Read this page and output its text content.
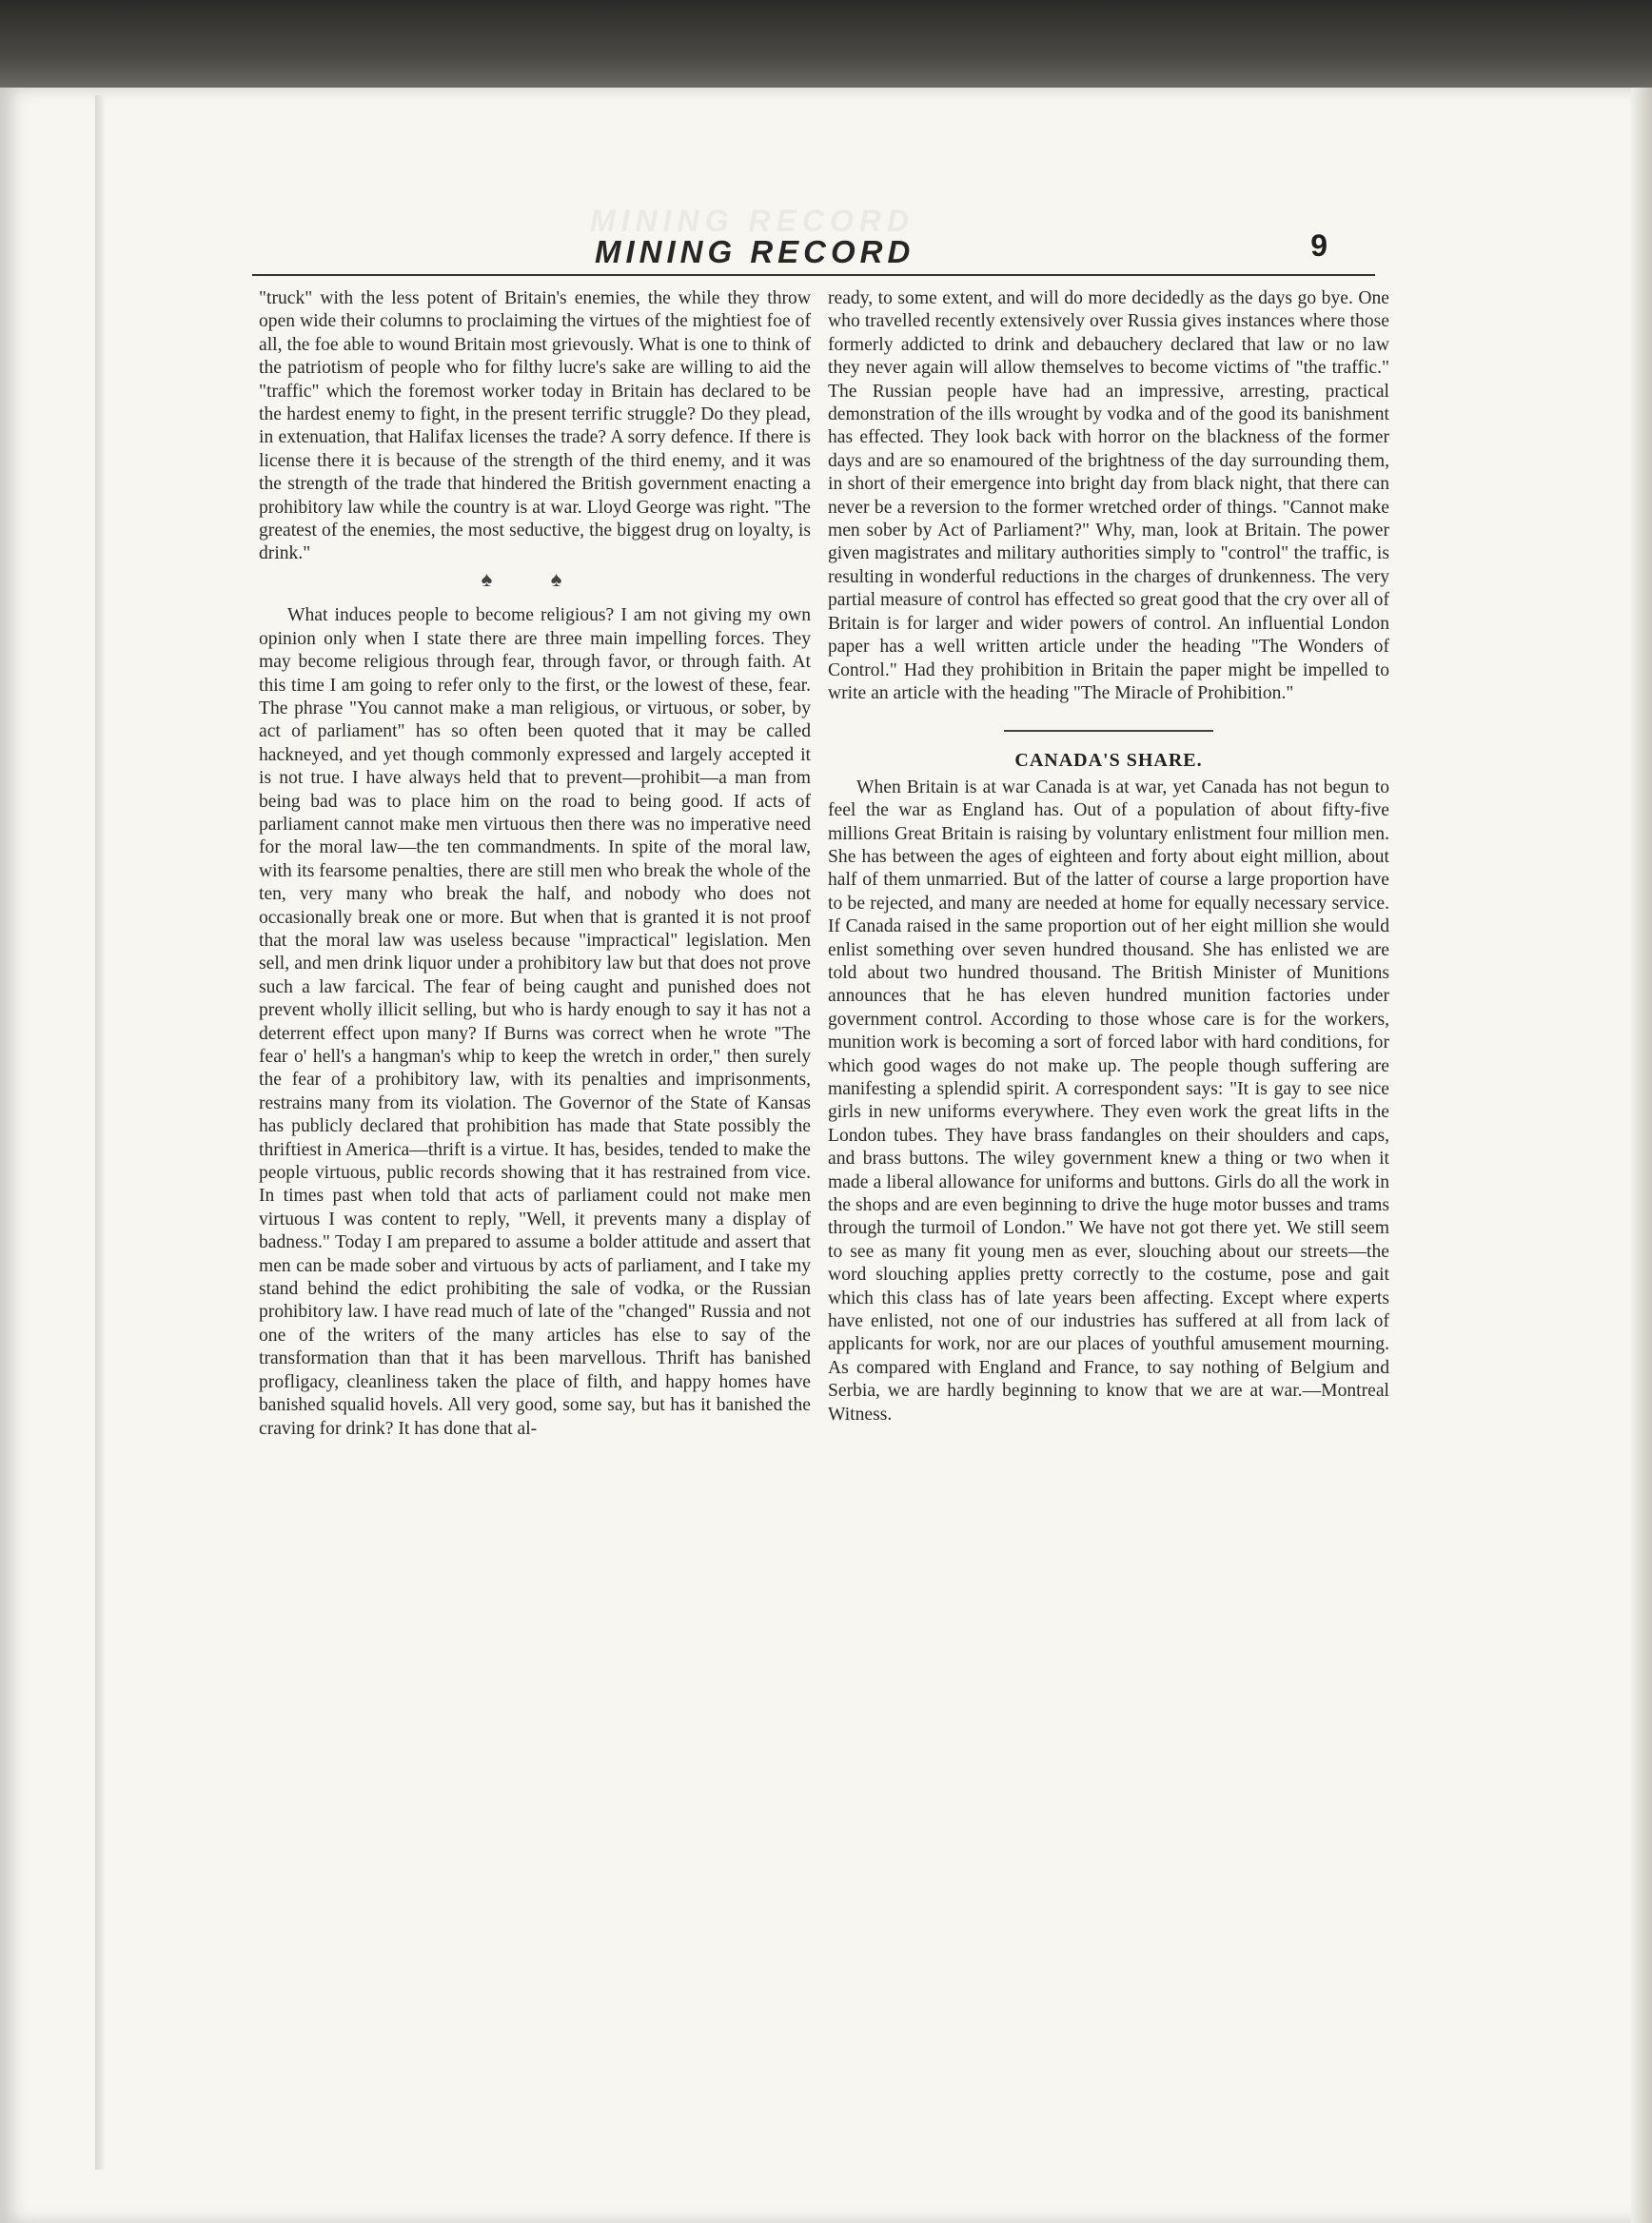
MINING RECORD
MINING RECORD	9

"truck" with the less potent of Britain's enemies, the while they throw open wide their columns to proclaiming the virtues of the mightiest foe of all, the foe able to wound Britain most grievously. What is one to think of the patriotism of people who for filthy lucre's sake are willing to aid the "traffic" which the foremost worker today in Britain has declared to be the hardest enemy to fight, in the present terrific struggle? Do they plead, in extenuation, that Halifax licenses the trade? A sorry defence. If there is license there it is because of the strength of the third enemy, and it was the strength of the trade that hindered the British government enacting a prohibitory law while the country is at war. Lloyd George was right. "The greatest of the enemies, the most seductive, the biggest drug on loyalty, is drink."

♠ ♠

What induces people to become religious? I am not giving my own opinion only when I state there are three main impelling forces. They may become religious through fear, through favor, or through faith. At this time I am going to refer only to the first, or the lowest of these, fear. The phrase "You cannot make a man religious, or virtuous, or sober, by act of parliament" has so often been quoted that it may be called hackneyed, and yet though commonly expressed and largely accepted it is not true. I have always held that to prevent—prohibit—a man from being bad was to place him on the road to being good. If acts of parliament cannot make men virtuous then there was no imperative need for the moral law—the ten commandments. In spite of the moral law, with its fearsome penalties, there are still men who break the whole of the ten, very many who break the half, and nobody who does not occasionally break one or more. But when that is granted it is not proof that the moral law was useless because "impractical" legislation. Men sell, and men drink liquor under a prohibitory law but that does not prove such a law farcical. The fear of being caught and punished does not prevent wholly illicit selling, but who is hardy enough to say it has not a deterrent effect upon many? If Burns was correct when he wrote "The fear o' hell's a hangman's whip to keep the wretch in order," then surely the fear of a prohibitory law, with its penalties and imprisonments, restrains many from its violation. The Governor of the State of Kansas has publicly declared that prohibition has made that State possibly the thriftiest in America—thrift is a virtue. It has, besides, tended to make the people virtuous, public records showing that it has restrained from vice. In times past when told that acts of parliament could not make men virtuous I was content to reply, "Well, it prevents many a display of badness." Today I am prepared to assume a bolder attitude and assert that men can be made sober and virtuous by acts of parliament, and I take my stand behind the edict prohibiting the sale of vodka, or the Russian prohibitory law. I have read much of late of the "changed" Russia and not one of the writers of the many articles has else to say of the transformation than that it has been marvellous. Thrift has banished profligacy, cleanliness taken the place of filth, and happy homes have banished squalid hovels. All very good, some say, but has it banished the craving for drink? It has done that al-

ready, to some extent, and will do more decidedly as the days go bye. One who travelled recently extensively over Russia gives instances where those formerly addicted to drink and debauchery declared that law or no law they never again will allow themselves to become victims of "the traffic." The Russian people have had an impressive, arresting, practical demonstration of the ills wrought by vodka and of the good its banishment has effected. They look back with horror on the blackness of the former days and are so enamoured of the brightness of the day surrounding them, in short of their emergence into bright day from black night, that there can never be a reversion to the former wretched order of things. "Cannot make men sober by Act of Parliament?" Why, man, look at Britain. The power given magistrates and military authorities simply to "control" the traffic, is resulting in wonderful reductions in the charges of drunkenness. The very partial measure of control has effected so great good that the cry over all of Britain is for larger and wider powers of control. An influential London paper has a well written article under the heading "The Wonders of Control." Had they prohibition in Britain the paper might be impelled to write an article with the heading "The Miracle of Prohibition."

CANADA'S SHARE.

When Britain is at war Canada is at war, yet Canada has not begun to feel the war as England has. Out of a population of about fifty-five millions Great Britain is raising by voluntary enlistment four million men. She has between the ages of eighteen and forty about eight million, about half of them unmarried. But of the latter of course a large proportion have to be rejected, and many are needed at home for equally necessary service. If Canada raised in the same proportion out of her eight million she would enlist something over seven hundred thousand. She has enlisted we are told about two hundred thousand. The British Minister of Munitions announces that he has eleven hundred munition factories under government control. According to those whose care is for the workers, munition work is becoming a sort of forced labor with hard conditions, for which good wages do not make up. The people though suffering are manifesting a splendid spirit. A correspondent says: "It is gay to see nice girls in new uniforms everywhere. They even work the great lifts in the London tubes. They have brass fandangles on their shoulders and caps, and brass buttons. The wiley government knew a thing or two when it made a liberal allowance for uniforms and buttons. Girls do all the work in the shops and are even beginning to drive the huge motor busses and trams through the turmoil of London." We have not got there yet. We still seem to see as many fit young men as ever, slouching about our streets—the word slouching applies pretty correctly to the costume, pose and gait which this class has of late years been affecting. Except where experts have enlisted, not one of our industries has suffered at all from lack of applicants for work, nor are our places of youthful amusement mourning. As compared with England and France, to say nothing of Belgium and Serbia, we are hardly beginning to know that we are at war.—Montreal Witness.
